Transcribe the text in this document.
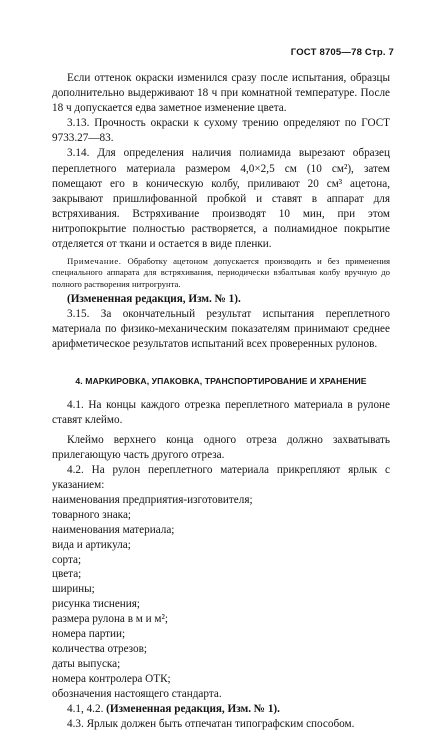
ГОСТ 8705—78 Стр. 7

Если оттенок окраски изменился сразу после испытания, образцы дополнительно выдерживают 18 ч при комнатной температуре. После 18 ч допускается едва заметное изменение цвета.

3.13. Прочность окраски к сухому трению определяют по ГОСТ 9733.27—83.

3.14. Для определения наличия полиамида вырезают образец переплетного материала размером 4,0×2,5 см (10 см²), затем помещают его в коническую колбу, приливают 20 см³ ацетона, закрывают пришлифованной пробкой и ставят в аппарат для встряхивания. Встряхивание производят 10 мин, при этом нитропокрытие полностью растворяется, а полиамидное покрытие отделяется от ткани и остается в виде пленки.

Примечание. Обработку ацетоном допускается производить и без применения специального аппарата для встряхивания, периодически взбалтывая колбу вручную до полного растворения нитрогрунта.

(Измененная редакция, Изм. № 1).

3.15. За окончательный результат испытания переплетного материала по физико-механическим показателям принимают среднее арифметическое результатов испытаний всех проверенных рулонов.

4. МАРКИРОВКА, УПАКОВКА, ТРАНСПОРТИРОВАНИЕ И ХРАНЕНИЕ

4.1. На концы каждого отрезка переплетного материала в рулоне ставят клеймо.

Клеймо верхнего конца одного отреза должно захватывать прилегающую часть другого отреза.

4.2. На рулон переплетного материала прикрепляют ярлык с указанием:

наименования предприятия-изготовителя;

товарного знака;

наименования материала;

вида и артикула;

сорта;

цвета;

ширины;

рисунка тиснения;

размера рулона в м и м²;

номера партии;

количества отрезов;

даты выпуска;

номера контролера ОТК;

обозначения настоящего стандарта.

4.1, 4.2. (Измененная редакция, Изм. № 1).

4.3. Ярлык должен быть отпечатан типографским способом.
